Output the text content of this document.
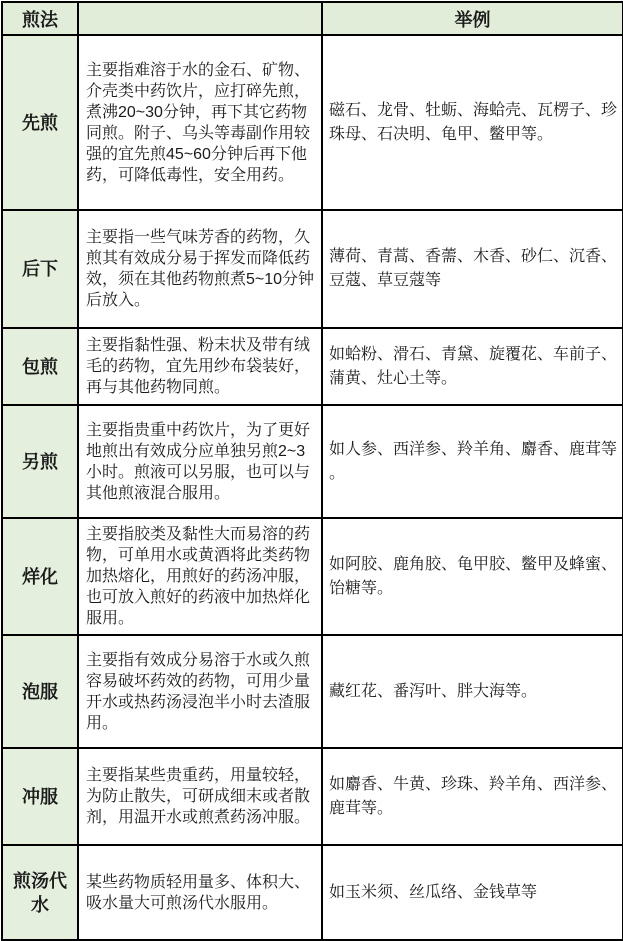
煎法		举例
先煎	主要指难溶于水的金石、矿物、介壳类中药饮片，应打碎先煎，煮沸20~30分钟，再下其它药物同煎。附子、乌头等毒副作用较强的宜先煎45~60分钟后再下他药，可降低毒性，安全用药。	磁石、龙骨、牡蛎、海蛤壳、瓦楞子、珍珠母、石决明、龟甲、鳖甲等。
后下	主要指一些气味芳香的药物，久煎其有效成分易于挥发而降低药效，须在其他药物煎煮5~10分钟后放入。	薄荷、青蒿、香薷、木香、砂仁、沉香、豆蔻、草豆蔻等
包煎	主要指黏性强、粉末状及带有绒毛的药物，宜先用纱布袋装好，再与其他药物同煎。	如蛤粉、滑石、青黛、旋覆花、车前子、蒲黄、灶心土等。
另煎	主要指贵重中药饮片，为了更好地煎出有效成分应单独另煎2~3小时。煎液可以另服，也可以与其他煎液混合服用。	如人参、西洋参、羚羊角、麝香、鹿茸等。
烊化	主要指胶类及黏性大而易溶的药物，可单用水或黄酒将此类药物加热熔化，用煎好的药汤冲服，也可放入煎好的药液中加热烊化服用。	如阿胶、鹿角胶、龟甲胶、鳖甲及蜂蜜、饴糖等。
泡服	主要指有效成分易溶于水或久煎容易破坏药效的药物，可用少量开水或热药汤浸泡半小时去渣服用。	藏红花、番泻叶、胖大海等。
冲服	主要指某些贵重药，用量较轻，为防止散失，可研成细末或者散剂，用温开水或煎煮药汤冲服。	如麝香、牛黄、珍珠、羚羊角、西洋参、鹿茸等。
煎汤代水	某些药物质轻用量多、体积大、吸水量大可煎汤代水服用。	如玉米须、丝瓜络、金钱草等
